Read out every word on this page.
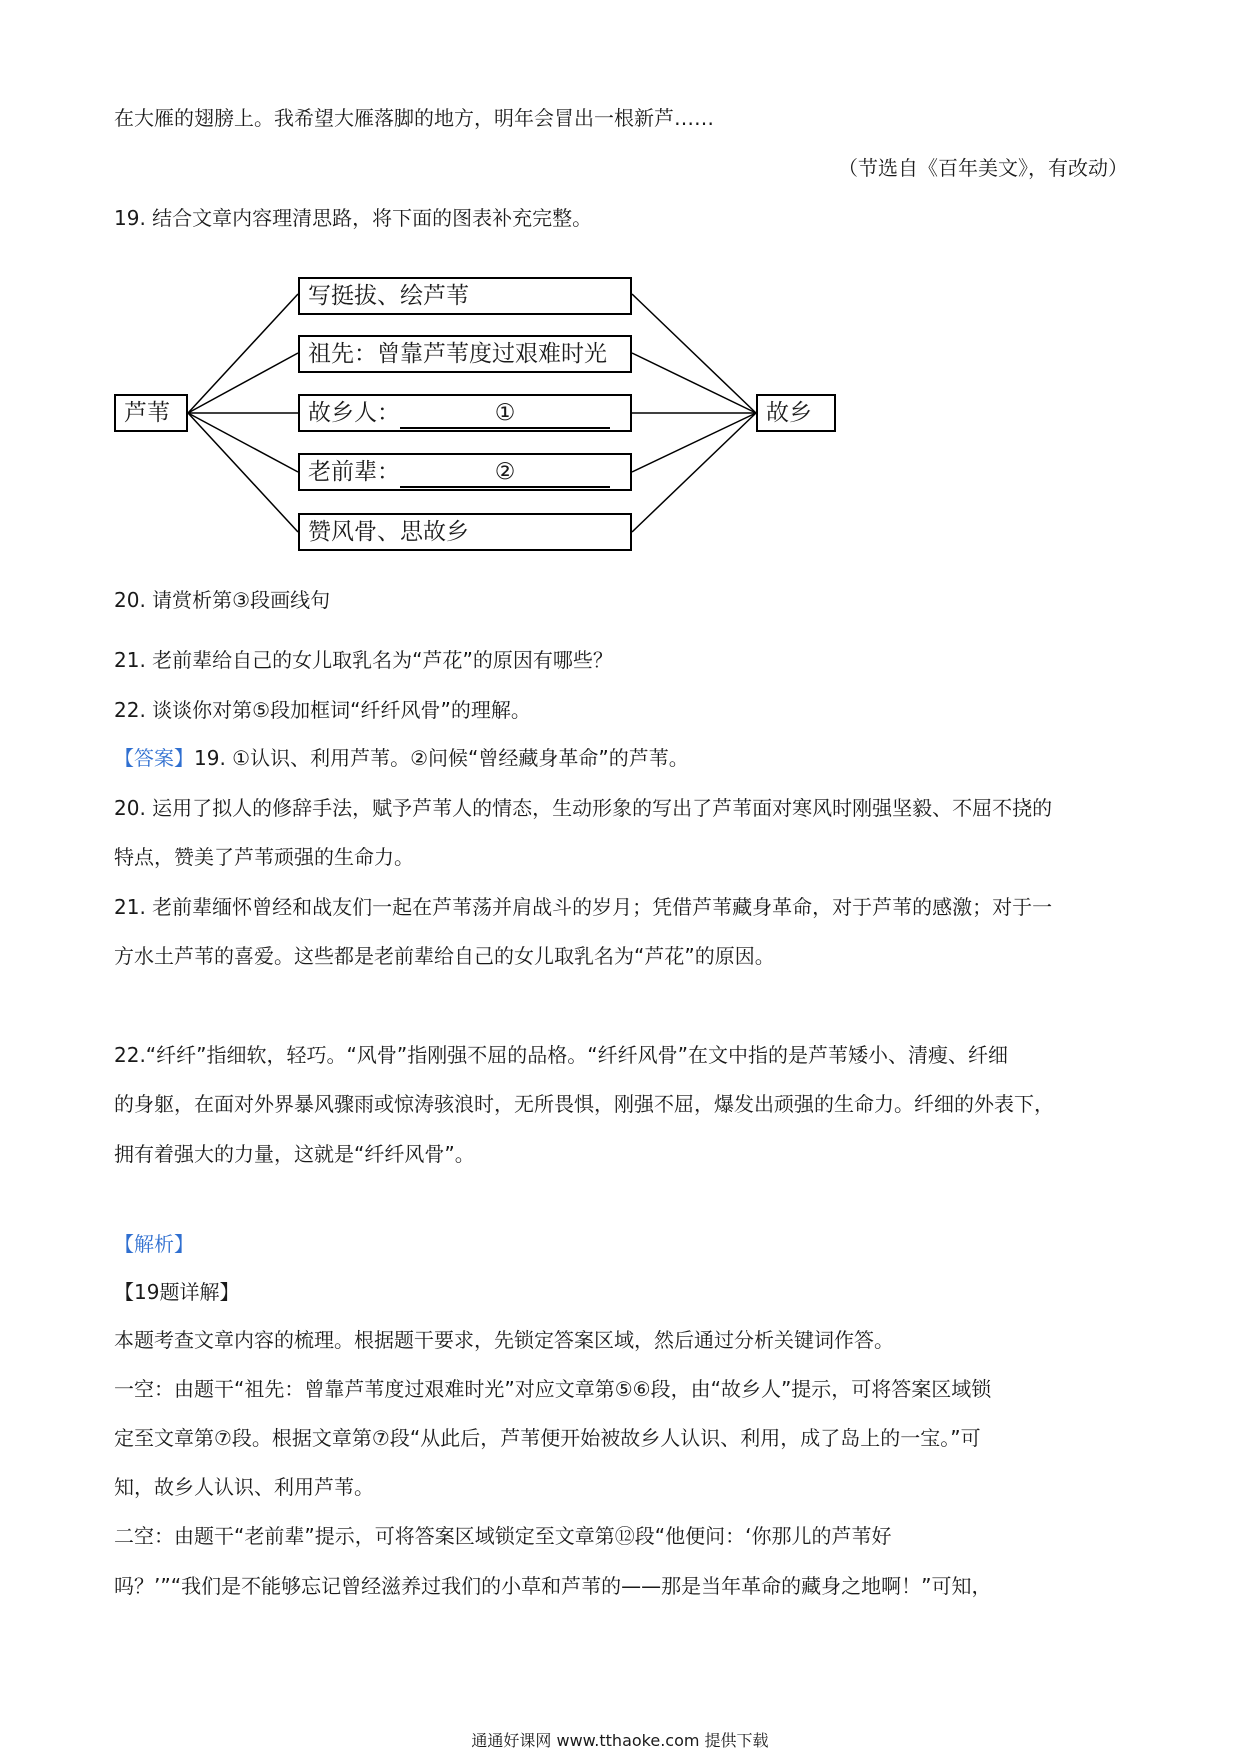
在大雁的翅膀上。我希望大雁落脚的地方，明年会冒出一根新芦……
（节选自《百年美文》，有改动）
19. 结合文章内容理清思路，将下面的图表补充完整。
芦苇	故乡
写挺拔、绘芦苇
祖先：曾靠芦苇度过艰难时光
故乡人：	①
老前辈：	②
赞风骨、思故乡
20. 请赏析第③段画线句
21. 老前辈给自己的女儿取乳名为“芦花”的原因有哪些？
22. 谈谈你对第⑤段加框词“纤纤风骨”的理解。
【答案】19. ①认识、利用芦苇。②问候“曾经藏身革命”的芦苇。
20. 运用了拟人的修辞手法，赋予芦苇人的情态，生动形象的写出了芦苇面对寒风时刚强坚毅、不屈不挠的
特点，赞美了芦苇顽强的生命力。
21. 老前辈缅怀曾经和战友们一起在芦苇荡并肩战斗的岁月；凭借芦苇藏身革命，对于芦苇的感激；对于一
方水土芦苇的喜爱。这些都是老前辈给自己的女儿取乳名为“芦花”的原因。
22.“纤纤”指细软，轻巧。“风骨”指刚强不屈的品格。“纤纤风骨”在文中指的是芦苇矮小、清瘦、纤细
的身躯，在面对外界暴风骤雨或惊涛骇浪时，无所畏惧，刚强不屈，爆发出顽强的生命力。纤细的外表下，
拥有着强大的力量，这就是“纤纤风骨”。
【解析】
【19题详解】
本题考查文章内容的梳理。根据题干要求，先锁定答案区域，然后通过分析关键词作答。
一空：由题干“祖先：曾靠芦苇度过艰难时光”对应文章第⑤⑥段，由“故乡人”提示，可将答案区域锁
定至文章第⑦段。根据文章第⑦段“从此后，芦苇便开始被故乡人认识、利用，成了岛上的一宝。”可
知，故乡人认识、利用芦苇。
二空：由题干“老前辈”提示，可将答案区域锁定至文章第⑫段“他便问：‘你那儿的芦苇好
吗？’”“我们是不能够忘记曾经滋养过我们的小草和芦苇的——那是当年革命的藏身之地啊！”可知，
通通好课网 www.tthaoke.com 提供下载
